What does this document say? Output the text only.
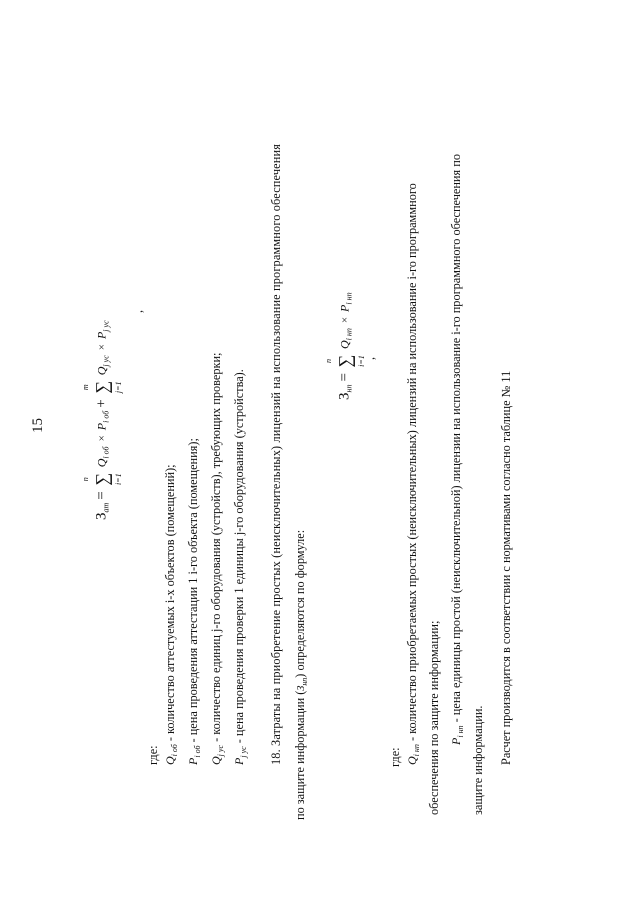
15
$З_{ат}$ =
n ∑ i=1
$Q_{i об} \times P_{i об}$ +
m ∑ j=1
$Q_{j ус} \times P_{j ус}$
,
где: $Q_{i об}$ - количество аттестуемых i-х объектов (помещений);
$P_{i об}$ - цена проведения аттестации 1 i-го объекта (помещения);
$Q_{j ус}$ - количество единиц j-го оборудования (устройств), требующих проверки;
$P_{j ус}$ - цена проведения проверки 1 единицы j-го оборудования (устройства). 18. Затраты на приобретение простых (неисключительных) лицензий на использование программного обеспечения по защите информации $(З_{нп})$ определяются по формуле:
$З_{нп}$ =
n ∑ i=1
$Q_{i нп} \times P_{i нп}$
,
где: $Q_{i нп}$ - количество приобретаемых простых (неисключительных) лицензий на использование i-го программного обеспечения по защите информации; $P_{i нп}$ - цена единицы простой (неисключительной) лицензии на использование i-го программного обеспечения по
защите информации. Расчет производится в соответствии с нормативами согласно таблице № 11
